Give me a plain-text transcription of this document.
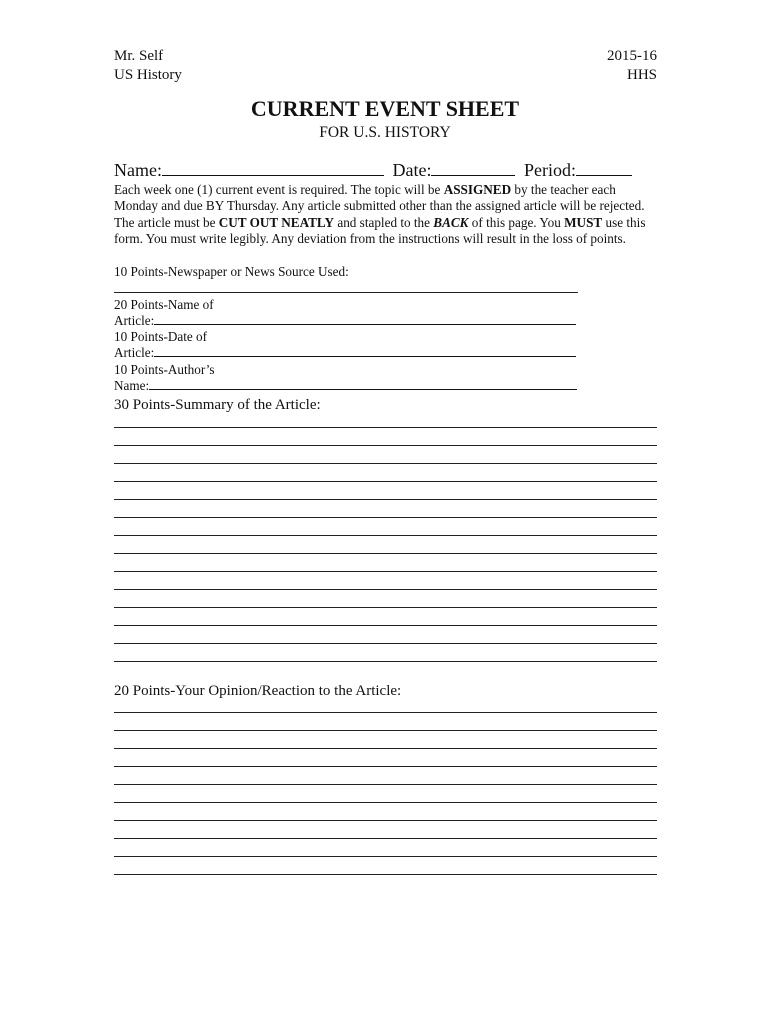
Mr. Self
US History
2015-16
HHS
CURRENT EVENT SHEET
FOR U.S. HISTORY
Name:	Date:	Period:
Each week one (1) current event is required. The topic will be ASSIGNED by the teacher each Monday and due BY Thursday. Any article submitted other than the assigned article will be rejected. The article must be CUT OUT NEATLY and stapled to the BACK of this page. You MUST use this form. You must write legibly. Any deviation from the instructions will result in the loss of points.
10 Points-Newspaper or News Source Used:
20 Points-Name of
Article:
10 Points-Date of
Article:
10 Points-Author’s
Name:
30 Points-Summary of the Article:
20 Points-Your Opinion/Reaction to the Article:
